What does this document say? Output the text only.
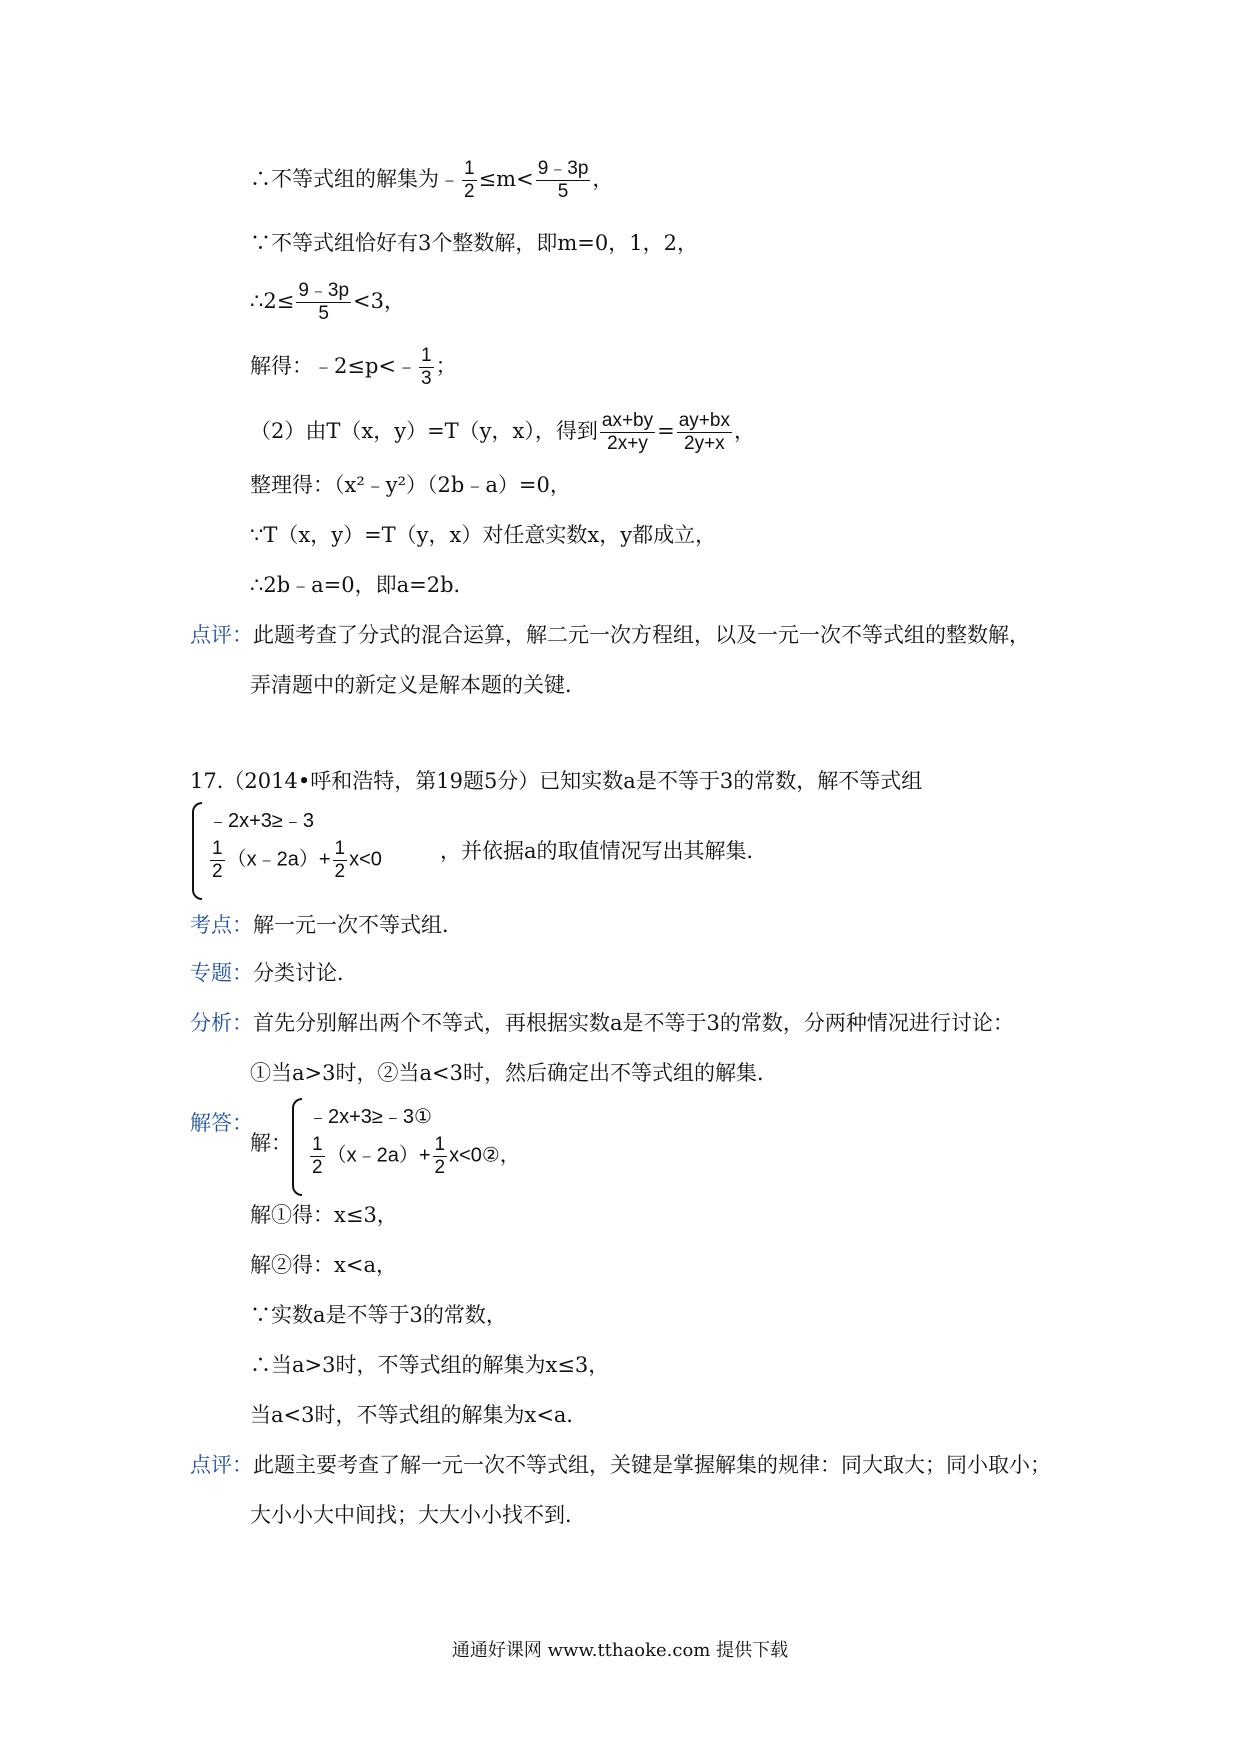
∴不等式组的解集为﹣ $\frac{1}{2} \le m< \frac{9﹣3p}{5}$ ，
∵不等式组恰好有3个整数解，即m=0，1，2，
∴2≤ $\frac{9﹣3p}{5} <3$，
解得：﹣2≤p<﹣ $\frac{1}{3}$ ；
（2）由T（x，y）=T（y，x），得到 $\frac{ax+by}{2x+y} = \frac{ay+bx}{2y+x}$ ，
整理得：（x²﹣y²）（2b﹣a）=0，
∵T（x，y）=T（y，x）对任意实数x，y都成立，
∴2b﹣a=0，即a=2b．
点评：此题考查了分式的混合运算，解二元一次方程组，以及一元一次不等式组的整数解，
弄清题中的新定义是解本题的关键．
17.（2014•呼和浩特，第19题5分）已知实数a是不等于3的常数，解不等式组
﹣2x+3≥﹣3
$\frac{1}{2}$ （x﹣2a）+ $\frac{1}{2} x<0$	，并依据a的取值情况写出其解集．
考点：解一元一次不等式组．
专题：分类讨论．
分析：首先分别解出两个不等式，再根据实数a是不等于3的常数，分两种情况进行讨论：
①当a>3时，②当a<3时，然后确定出不等式组的解集．
解答：
解：
﹣2x+3≥﹣3①
$\frac{1}{2}$ （x﹣2a）+ $\frac{1}{2}$ x<0②，
解①得：x≤3，
解②得：x<a，
∵实数a是不等于3的常数，
∴当a>3时，不等式组的解集为x≤3，
当a<3时，不等式组的解集为x<a．
点评：此题主要考查了解一元一次不等式组，关键是掌握解集的规律：同大取大；同小取小；
大小小大中间找；大大小小找不到．
通通好课网 www.tthaoke.com 提供下载
